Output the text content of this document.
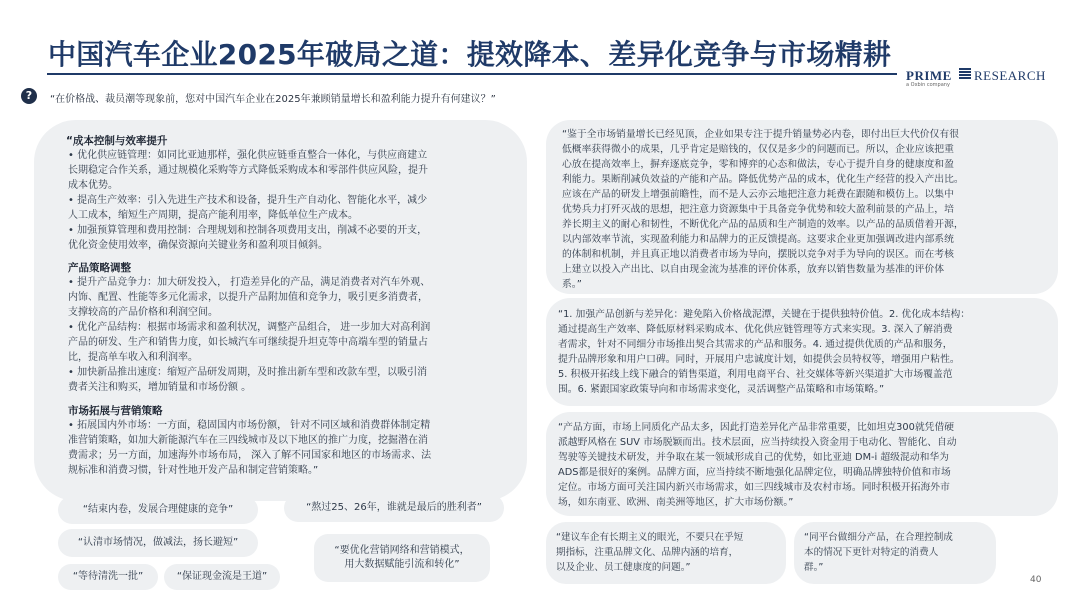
中国汽车企业2025年破局之道：提效降本、差异化竞争与市场精耕
PRIME RESEARCH
a Oxbin company
?	“在价格战、裁员潮等现象前，您对中国汽车企业在2025年兼顾销量增长和盈利能力提升有何建议？”
“成本控制与效率提升
• 优化供应链管理：如同比亚迪那样，强化供应链垂直整合一体化，与供应商建立
长期稳定合作关系，通过规模化采购等方式降低采购成本和零部件供应风险，提升
成本优势。
• 提高生产效率：引入先进生产技术和设备，提升生产自动化、智能化水平，减少
人工成本，缩短生产周期，提高产能利用率，降低单位生产成本。
• 加强预算管理和费用控制：合理规划和控制各项费用支出，削减不必要的开支，
优化资金使用效率，确保资源向关键业务和盈利项目倾斜。
产品策略调整
• 提升产品竞争力：加大研发投入， 打造差异化的产品，满足消费者对汽车外观、
内饰、配置、性能等多元化需求，以提升产品附加值和竞争力，吸引更多消费者，
支撑较高的产品价格和利润空间。
• 优化产品结构：根据市场需求和盈利状况，调整产品组合， 进一步加大对高利润
产品的研发、生产和销售力度，如长城汽车可继续提升坦克等中高端车型的销量占
比，提高单车收入和利润率。
• 加快新品推出速度：缩短产品研发周期，及时推出新车型和改款车型，以吸引消
费者关注和购买，增加销量和市场份额 。
市场拓展与营销策略
• 拓展国内外市场：一方面，稳固国内市场份额， 针对不同区域和消费群体制定精
准营销策略，如加大新能源汽车在三四线城市及以下地区的推广力度，挖掘潜在消
费需求；另一方面，加速海外市场布局， 深入了解不同国家和地区的市场需求、法
规标准和消费习惯，针对性地开发产品和制定营销策略。”
“结束内卷，发展合理健康的竞争”	“熬过25、26年，谁就是最后的胜利者”
“认清市场情况，做减法，扬长避短”
“要优化营销网络和营销模式，
用大数据赋能引流和转化”
“等待清洗一批”	“保证现金流是王道”
“鉴于全市场销量增长已经见顶，企业如果专注于提升销量势必内卷，即付出巨大代价仅有很
低概率获得微小的成果，几乎肯定是赔钱的，仅仅是多少的问题而已。所以，企业应该把重
心放在提高效率上，摒弃逐底竞争，零和博弈的心态和做法，专心于提升自身的健康度和盈
利能力。果断削减负效益的产能和产品。降低优势产品的成本，优化生产经营的投入产出比。
应该在产品的研发上增强前瞻性，而不是人云亦云地把注意力耗费在跟随和模仿上。以集中
优势兵力打歼灭战的思想，把注意力资源集中于具备竞争优势和较大盈利前景的产品上，培
养长期主义的耐心和韧性，不断优化产品的品质和生产制造的效率。以产品的品质借着开源，
以内部效率节流，实现盈利能力和品牌力的正反馈提高。这要求企业更加强调改进内部系统
的体制和机制，并且真正地以消费者市场为导向，摆脱以竞争对手为导向的误区。而在考核
上建立以投入产出比、以自由现金流为基准的评价体系，放弃以销售数量为基准的评价体
系。”
“1. 加强产品创新与差异化：避免陷入价格战泥潭，关键在于提供独特价值。2. 优化成本结构：
通过提高生产效率、降低原材料采购成本、优化供应链管理等方式来实现。3. 深入了解消费
者需求，针对不同细分市场推出契合其需求的产品和服务。4. 通过提供优质的产品和服务，
提升品牌形象和用户口碑。同时，开展用户忠诚度计划，如提供会员特权等，增强用户粘性。
5. 积极开拓线上线下融合的销售渠道，利用电商平台、社交媒体等新兴渠道扩大市场覆盖范
围。6. 紧跟国家政策导向和市场需求变化，灵活调整产品策略和市场策略。”
“产品方面，市场上同质化产品太多，因此打造差异化产品非常重要，比如坦克300就凭借硬
派越野风格在 SUV 市场脱颖而出。技术层面，应当持续投入资金用于电动化、智能化、自动
驾驶等关键技术研发，并争取在某一领域形成自己的优势，如比亚迪 DM-i 超级混动和华为
ADS都是很好的案例。品牌方面，应当持续不断地强化品牌定位，明确品牌独特价值和市场
定位。市场方面可关注国内新兴市场需求，如三四线城市及农村市场。同时积极开拓海外市
场，如东南亚、欧洲、南美洲等地区，扩大市场份额。”
“建议车企有长期主义的眼光，不要只在乎短
期指标，注重品牌文化、品牌内涵的培育，
以及企业、员工健康度的问题。”
“同平台做细分产品，在合理控制成
本的情况下更针对特定的消费人
群。”
40
